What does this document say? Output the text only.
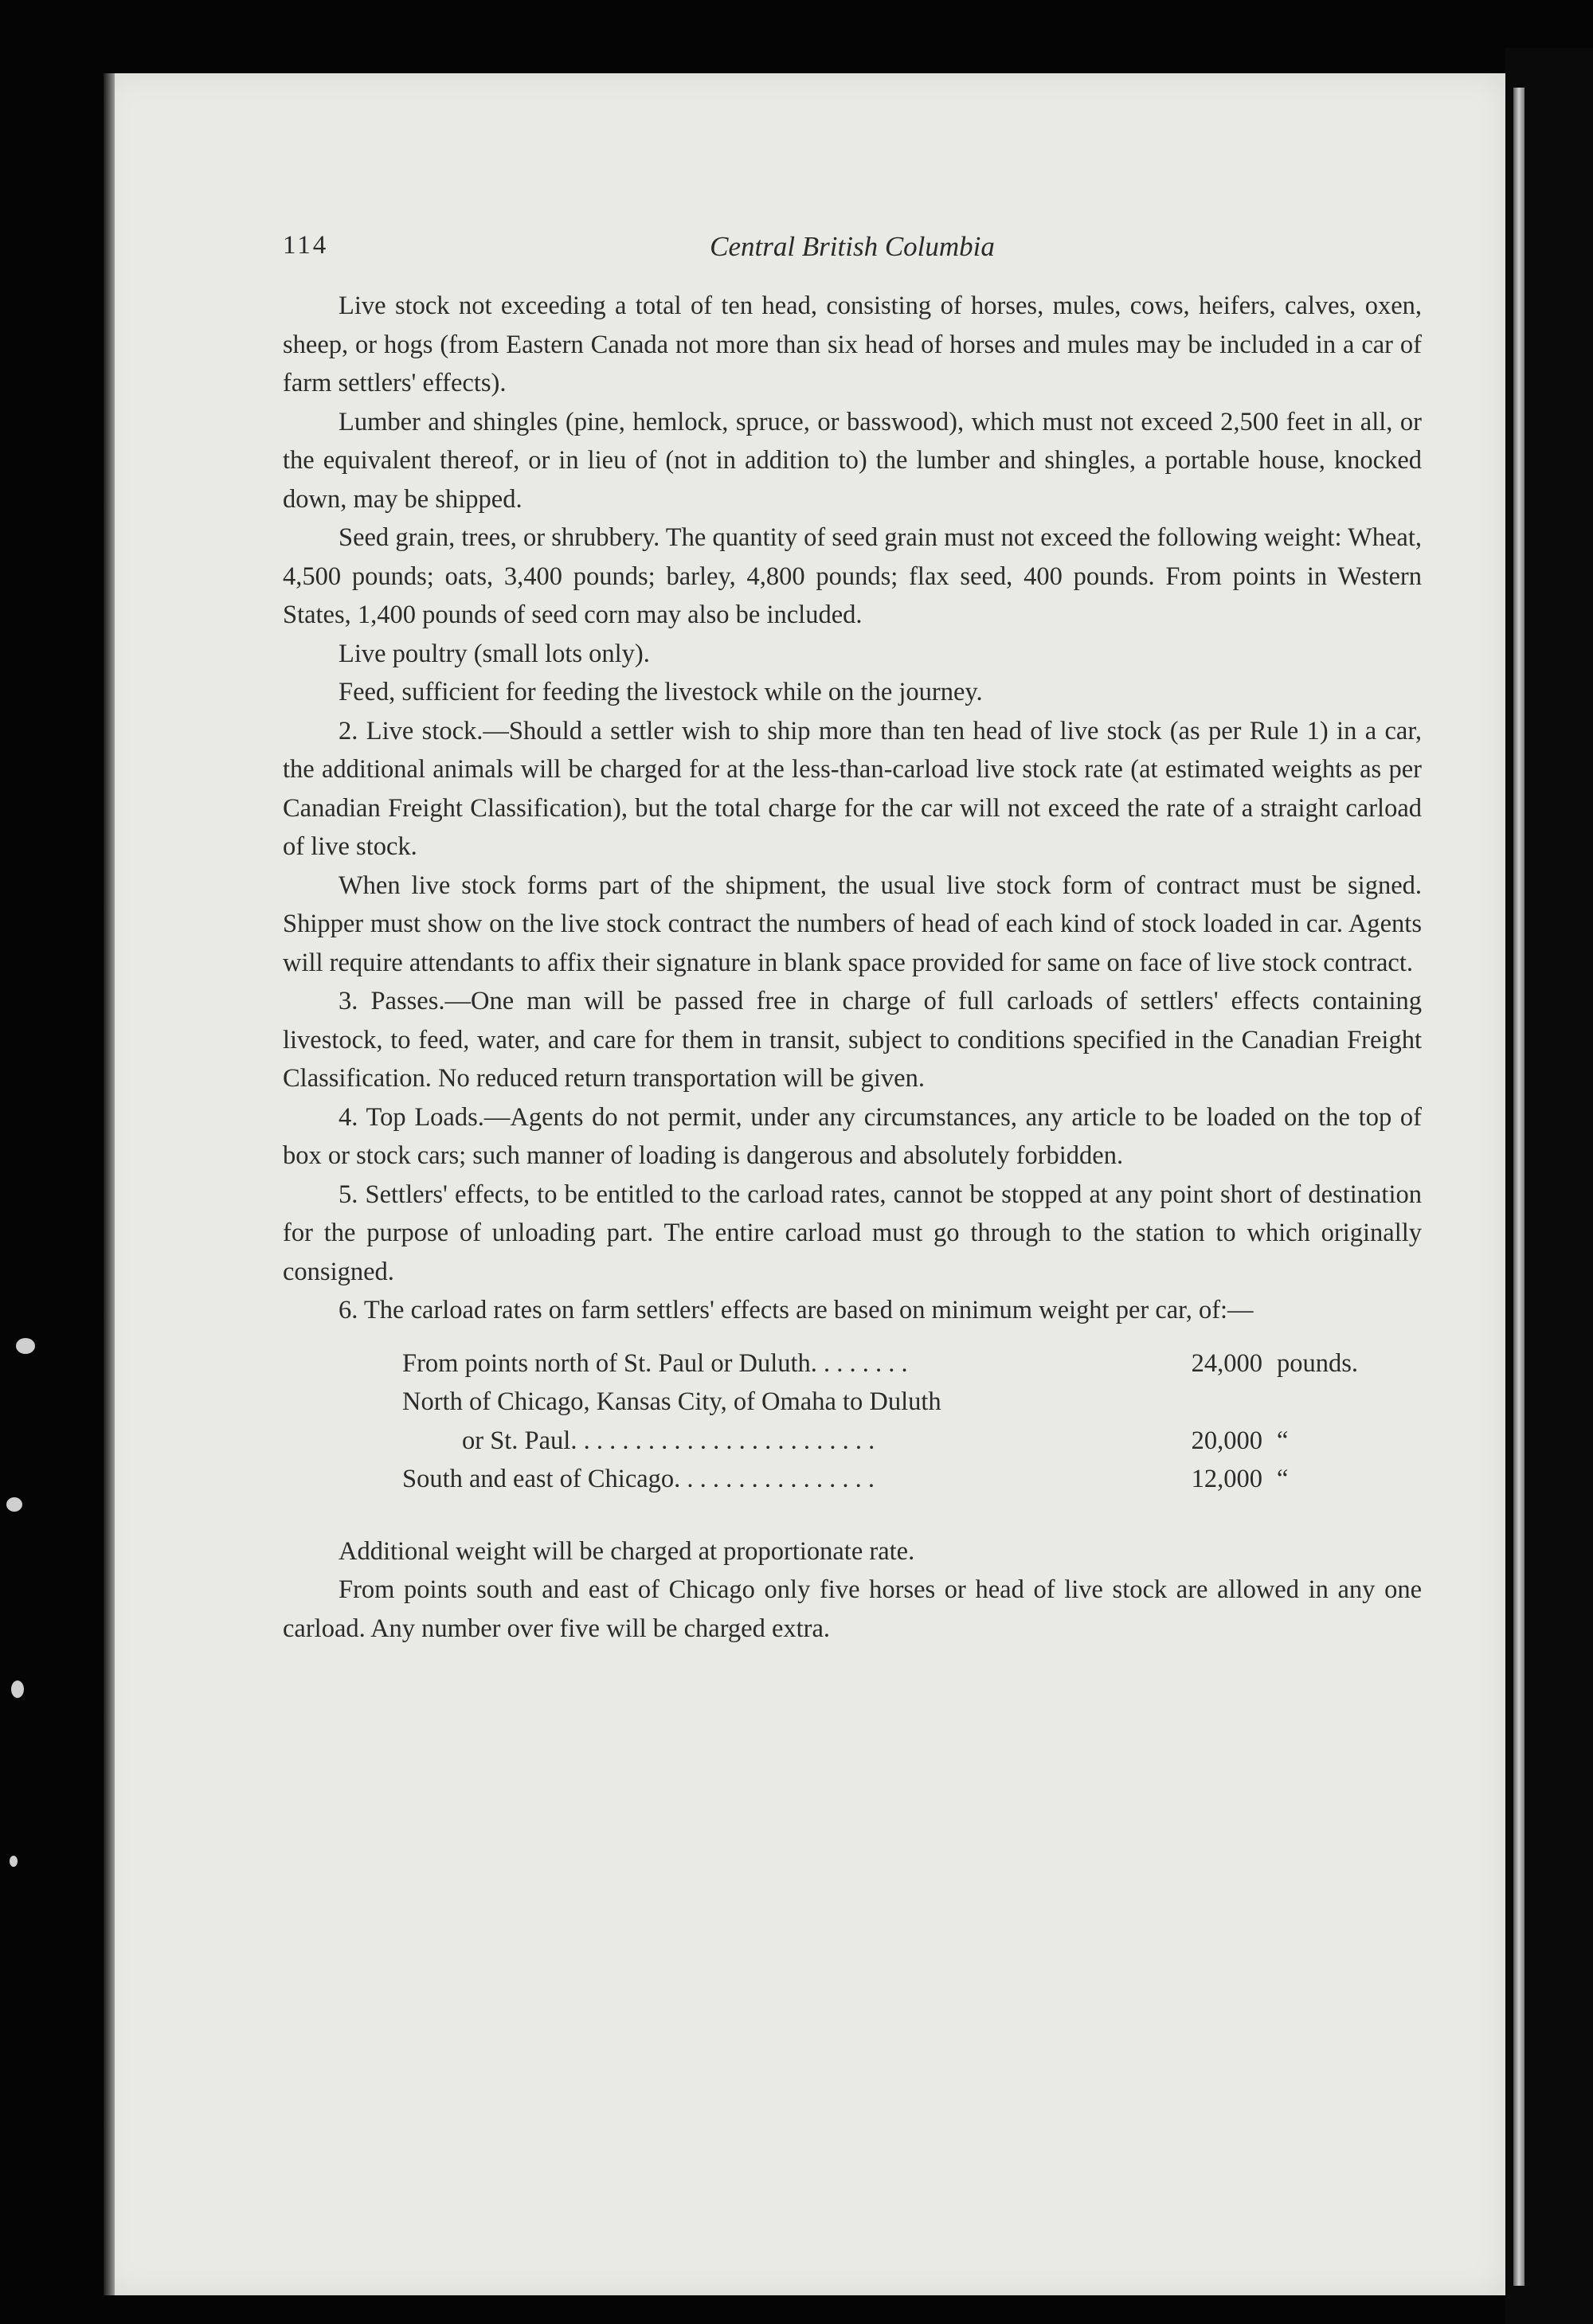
114	Central British Columbia

Live stock not exceeding a total of ten head, consisting of horses, mules, cows, heifers, calves, oxen, sheep, or hogs (from Eastern Canada not more than six head of horses and mules may be included in a car of farm settlers' effects).

Lumber and shingles (pine, hemlock, spruce, or basswood), which must not exceed 2,500 feet in all, or the equivalent thereof, or in lieu of (not in addition to) the lumber and shingles, a portable house, knocked down, may be shipped.

Seed grain, trees, or shrubbery. The quantity of seed grain must not exceed the following weight: Wheat, 4,500 pounds; oats, 3,400 pounds; barley, 4,800 pounds; flax seed, 400 pounds. From points in Western States, 1,400 pounds of seed corn may also be included.

Live poultry (small lots only).

Feed, sufficient for feeding the livestock while on the journey.

2. Live stock.—Should a settler wish to ship more than ten head of live stock (as per Rule 1) in a car, the additional animals will be charged for at the less-than-carload live stock rate (at estimated weights as per Canadian Freight Classification), but the total charge for the car will not exceed the rate of a straight carload of live stock.

When live stock forms part of the shipment, the usual live stock form of contract must be signed. Shipper must show on the live stock contract the numbers of head of each kind of stock loaded in car. Agents will require attendants to affix their signature in blank space provided for same on face of live stock contract.

3. Passes.—One man will be passed free in charge of full carloads of settlers' effects containing livestock, to feed, water, and care for them in transit, subject to conditions specified in the Canadian Freight Classification. No reduced return transportation will be given.

4. Top Loads.—Agents do not permit, under any circumstances, any article to be loaded on the top of box or stock cars; such manner of loading is dangerous and absolutely forbidden.

5. Settlers' effects, to be entitled to the carload rates, cannot be stopped at any point short of destination for the purpose of unloading part. The entire carload must go through to the station to which originally consigned.

6. The carload rates on farm settlers' effects are based on minimum weight per car, of:—

From points north of St. Paul or Duluth. . . . . . . .	24,000	pounds.
North of Chicago, Kansas City, of Omaha to Duluth		
or St. Paul. . . . . . . . . . . . . . . . . . . . . . . .	20,000	“
South and east of Chicago. . . . . . . . . . . . . . . .	12,000	“

Additional weight will be charged at proportionate rate.

From points south and east of Chicago only five horses or head of live stock are allowed in any one carload. Any number over five will be charged extra.
